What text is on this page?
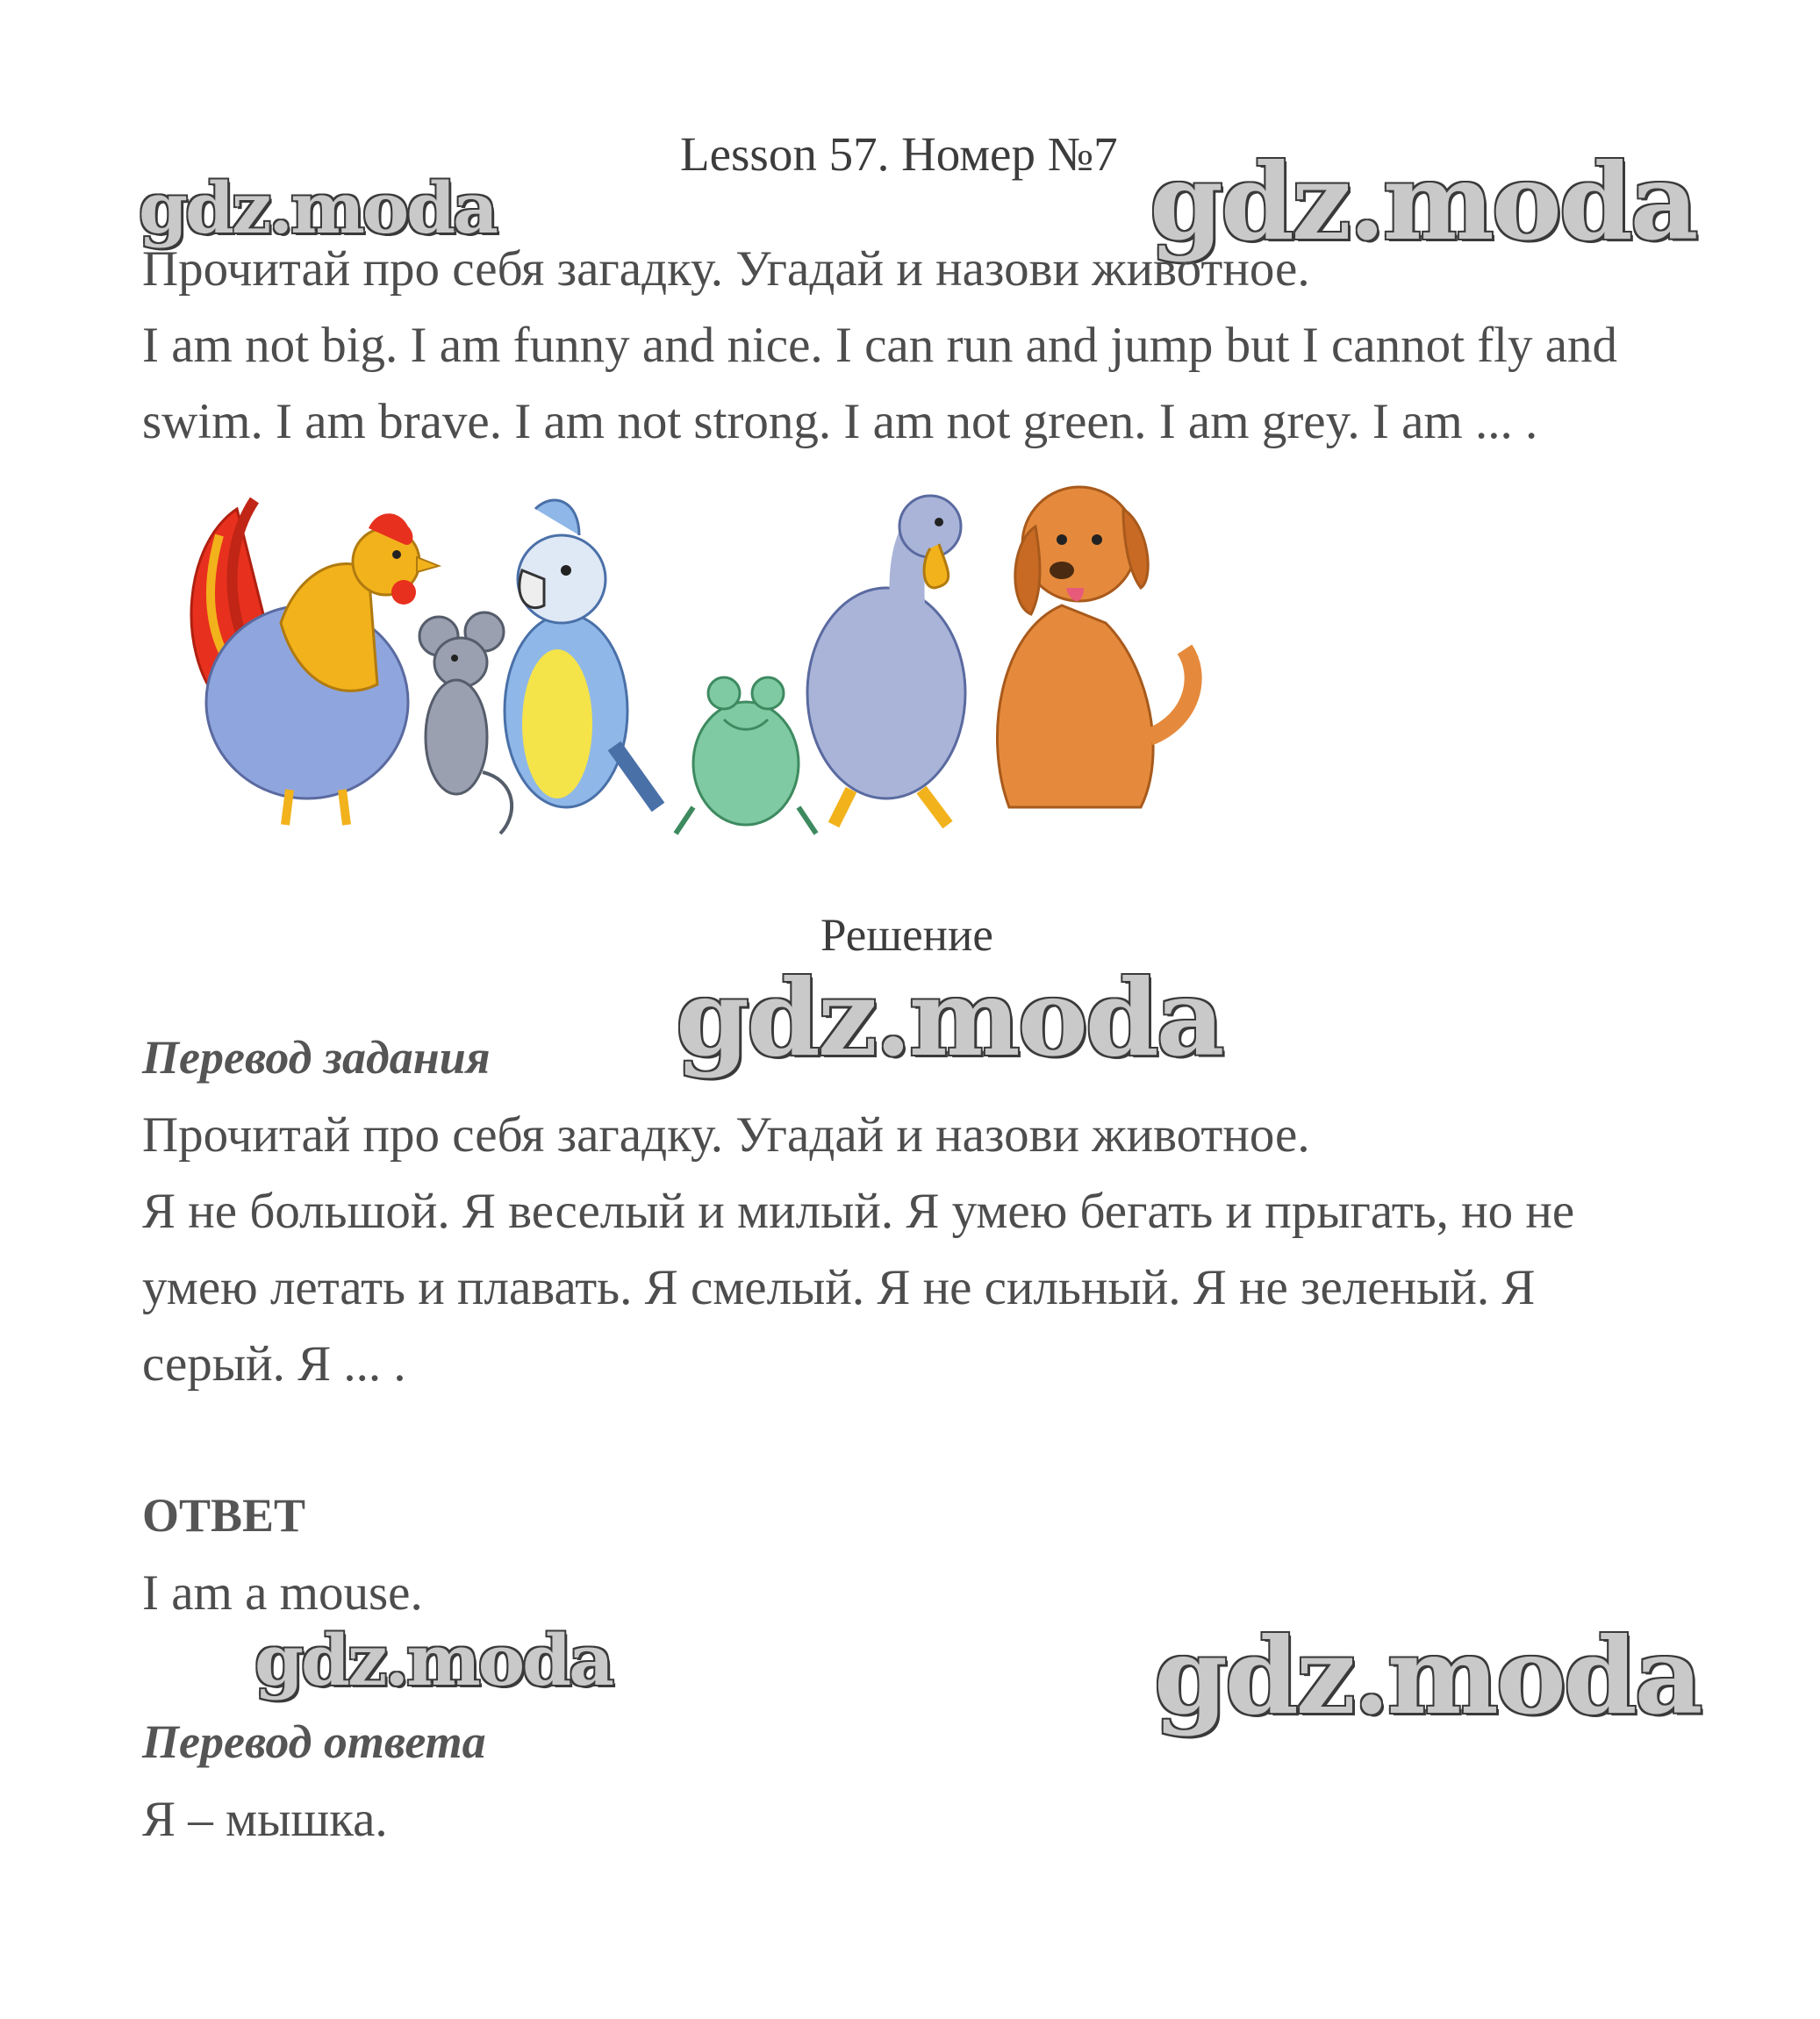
Lesson 57. Номер №7
gdz.moda	gdz.moda
Прочитай про себя загадку. Угадай и назови животное.
I am not big. I am funny and nice. I can run and jump but I cannot fly and
swim. I am brave. I am not strong. I am not green. I am grey. I am ... .
Решение
gdz.moda
Перевод задания
Прочитай про себя загадку. Угадай и назови животное.
Я не большой. Я веселый и милый. Я умею бегать и прыгать, но не
умею летать и плавать. Я смелый. Я не сильный. Я не зеленый. Я
серый. Я ... .
ОТВЕТ
I am a mouse.
gdz.moda	gdz.moda
Перевод ответа
Я – мышка.
